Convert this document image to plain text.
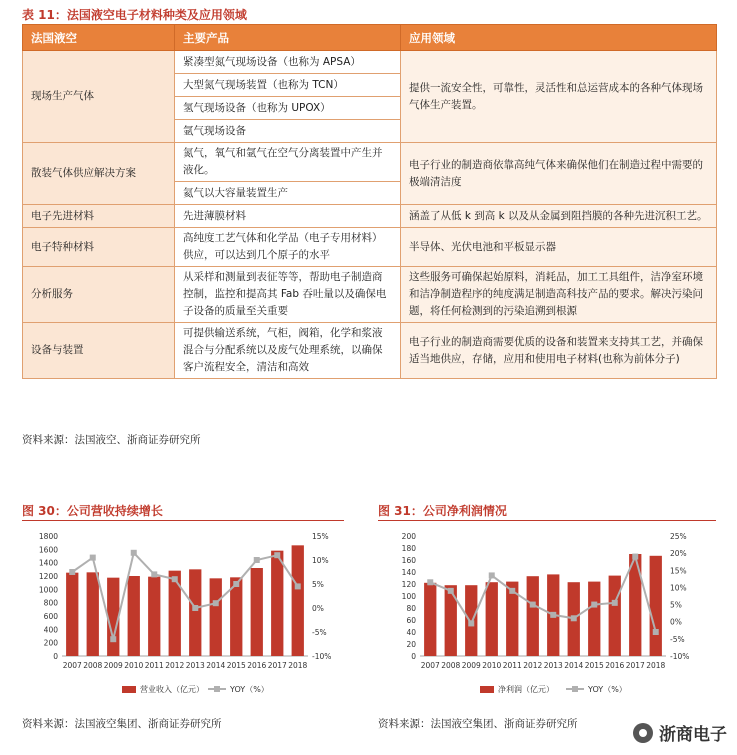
表 11：法国液空电子材料种类及应用领域
法国液空	主要产品	应用领域
现场生产气体	紧凑型氮气现场设备（也称为 APSA）	提供一流安全性，可靠性，灵活性和总运营成本的各种气体现场气体生产装置。
	大型氮气现场装置（也称为 TCN）	
	氢气现场设备（也称为 UPOX）	
	氩气现场设备	
散装气体供应解决方案	氮气，氧气和氩气在空气分离装置中产生并液化。	电子行业的制造商依靠高纯气体来确保他们在制造过程中需要的极端清洁度
	氦气以大容量装置生产	
电子先进材料	先进薄膜材料	涵盖了从低 k 到高 k 以及从金属到阻挡膜的各种先进沉积工艺。
电子特种材料	高纯度工艺气体和化学品（电子专用材料）供应，可以达到几个原子的水平	半导体、光伏电池和平板显示器
分析服务	从采样和测量到表征等等，帮助电子制造商控制，监控和提高其 Fab 吞吐量以及确保电子设备的质量至关重要	这些服务可确保起始原料，消耗品，加工工具组件，洁净室环境和洁净制造程序的纯度满足制造高科技产品的要求。解决污染问题，将任何检测到的污染追溯到根源
设备与装置	可提供输送系统，气柜，阀箱，化学和浆液混合与分配系统以及废气处理系统，以确保客户流程安全，清洁和高效	电子行业的制造商需要优质的设备和装置来支持其工艺，并确保适当地供应，存储，应用和使用电子材料(也称为前体分子)
资料来源：法国液空、浙商证券研究所
图 30：公司营收持续增长
0
200
400
600
800
1000
1200
1400
1600
1800
-10%
-5%
0%
5%
10%
15%
2007 2008 2009 2010 2011 2012 2013 2014 2015 2016 2017 2018
营业收入（亿元）	YOY（%）
资料来源：法国液空集团、浙商证券研究所
图 31：公司净利润情况
0
20
40
60
80
100
120
140
160
180
200
-10%
-5%
0%
5%
10%
15%
20%
25%
2007 2008 2009 2010 2011 2012 2013 2014 2015 2016 2017 2018
净利润（亿元）	YOY（%）
资料来源：法国液空集团、浙商证券研究所
浙商电子
